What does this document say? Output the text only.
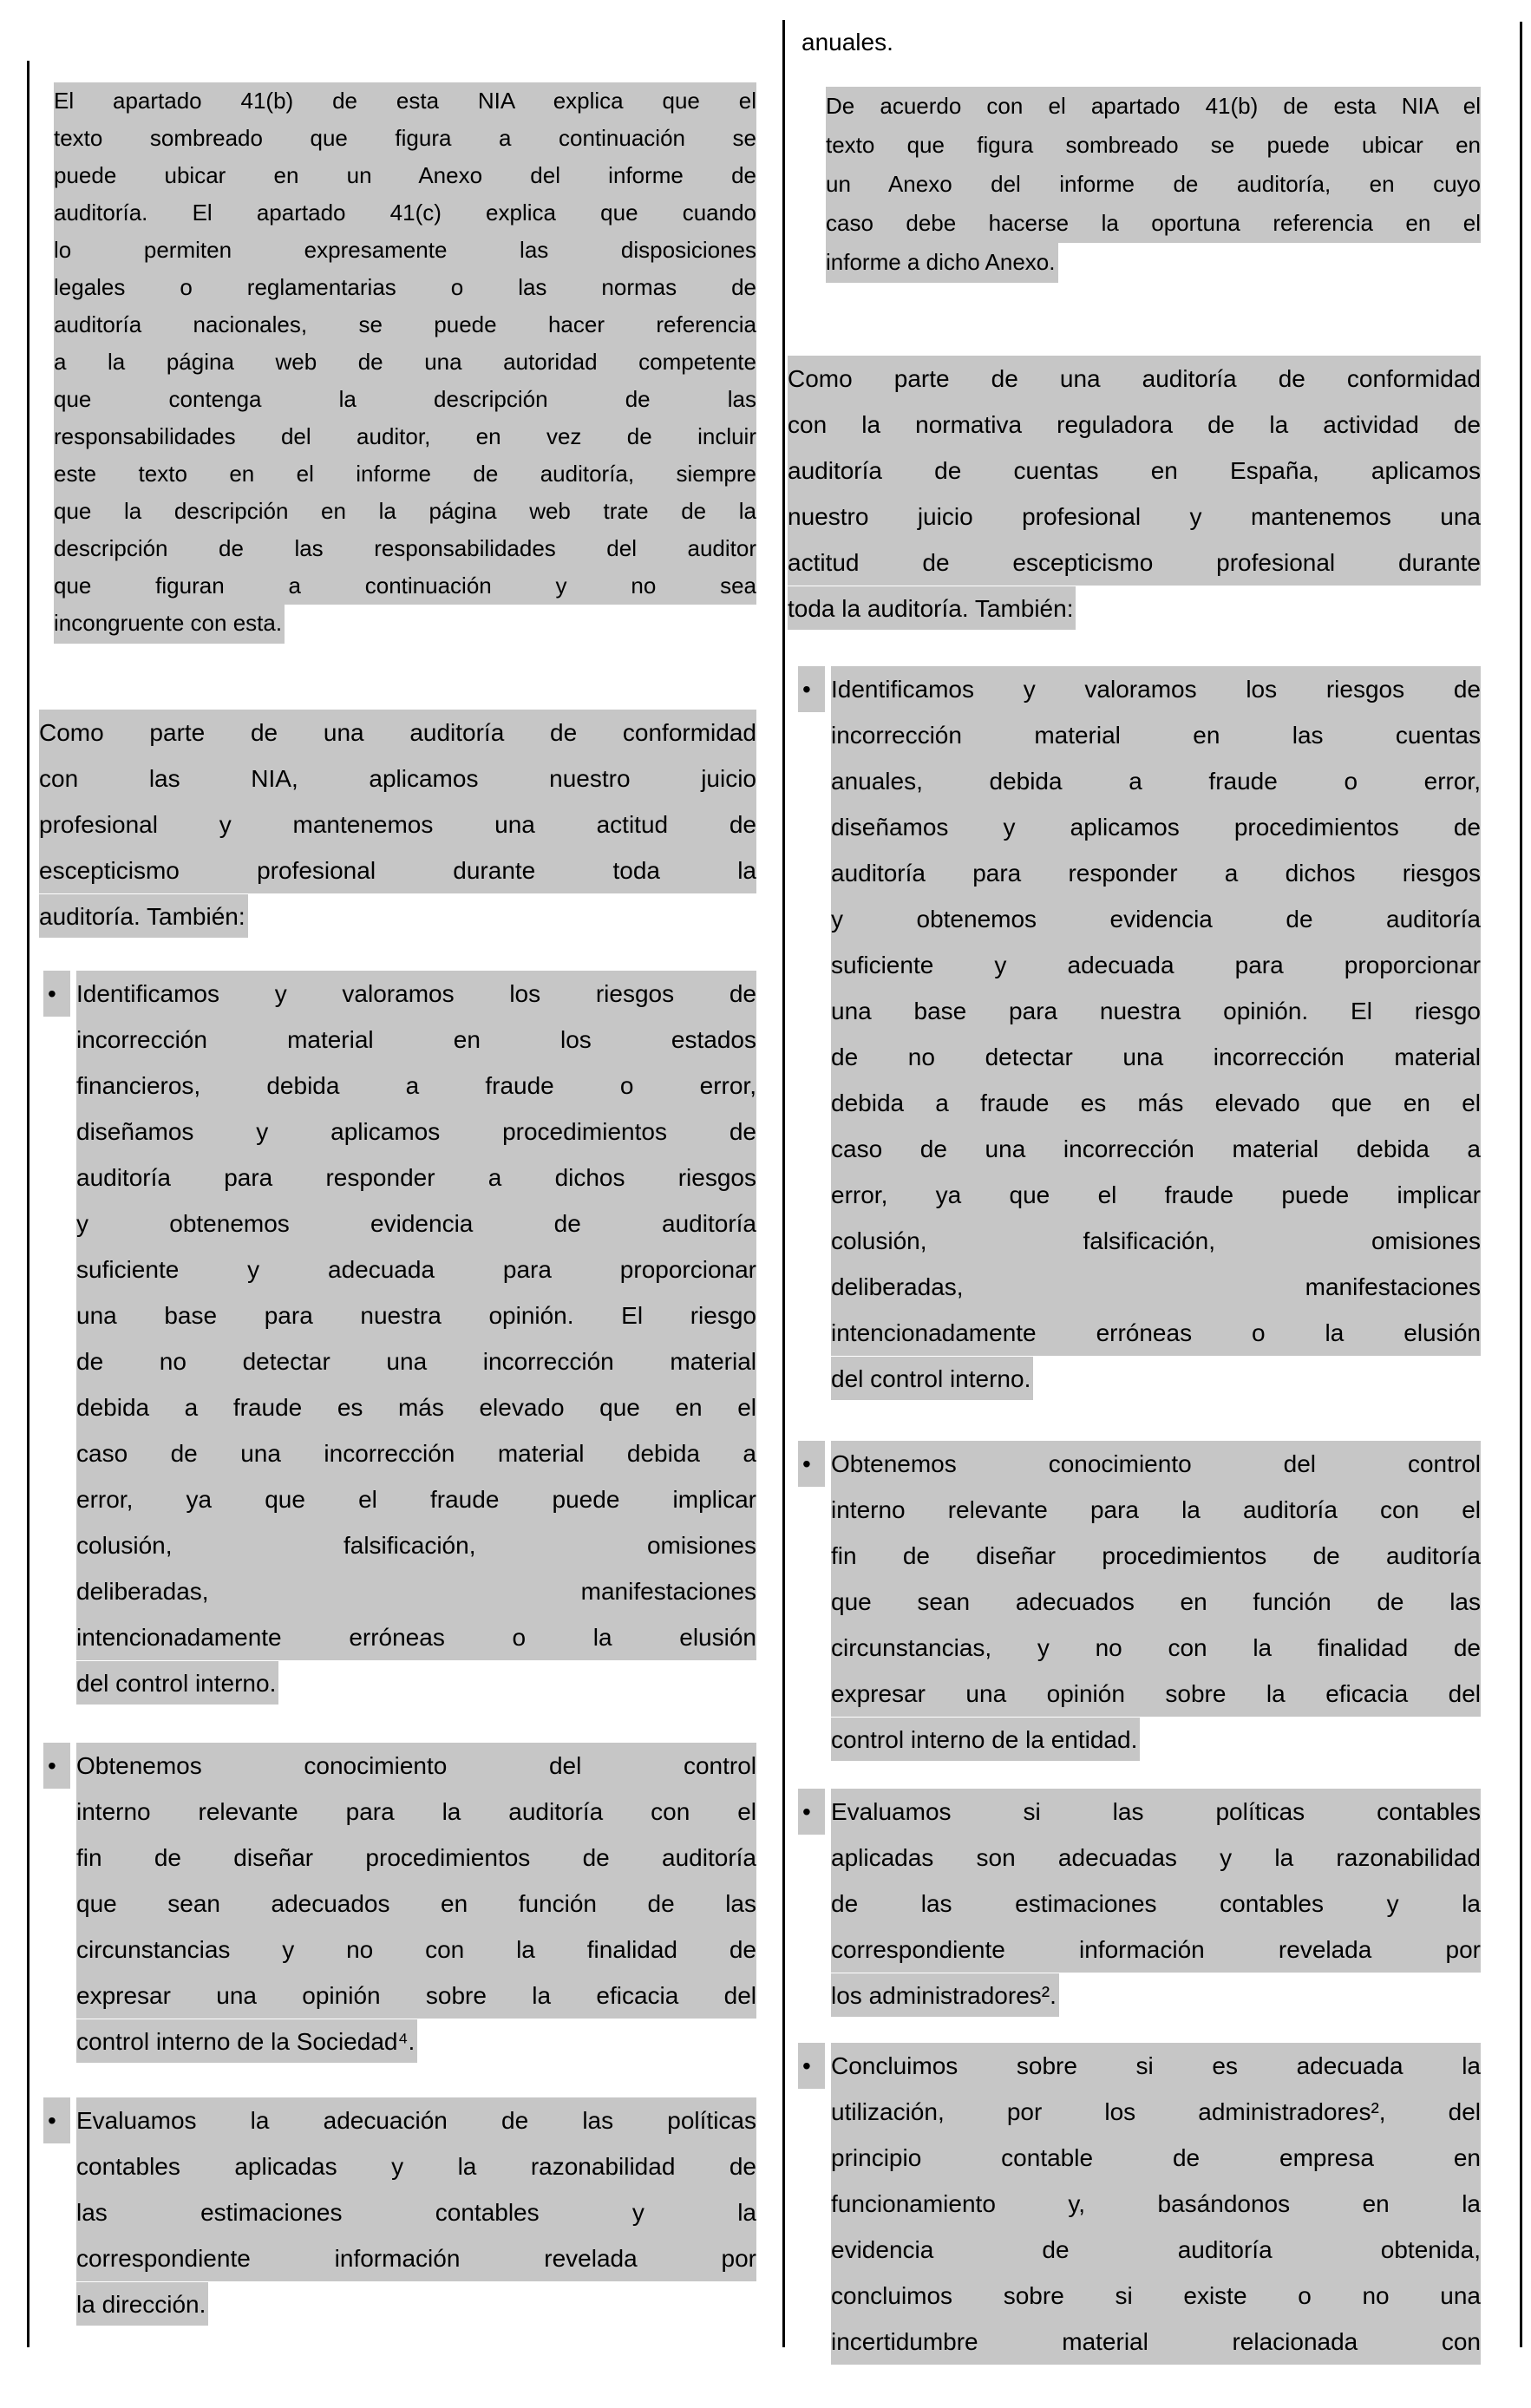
El apartado 41(b) de esta NIA explica que el
texto sombreado que figura a continuación se
puede ubicar en un Anexo del informe de
auditoría. El apartado 41(c) explica que cuando
lo permiten expresamente las disposiciones
legales o reglamentarias o las normas de
auditoría nacionales, se puede hacer referencia
a la página web de una autoridad competente
que contenga la descripción de las
responsabilidades del auditor, en vez de incluir
este texto en el informe de auditoría, siempre
que la descripción en la página web trate de la
descripción de las responsabilidades del auditor
que figuran a continuación y no sea
incongruente con esta.
Como parte de una auditoría de conformidad
con las NIA, aplicamos nuestro juicio
profesional y mantenemos una actitud de
escepticismo profesional durante toda la
auditoría. También:
• Identificamos y valoramos los riesgos de
incorrección material en los estados
financieros, debida a fraude o error,
diseñamos y aplicamos procedimientos de
auditoría para responder a dichos riesgos
y obtenemos evidencia de auditoría
suficiente y adecuada para proporcionar
una base para nuestra opinión. El riesgo
de no detectar una incorrección material
debida a fraude es más elevado que en el
caso de una incorrección material debida a
error, ya que el fraude puede implicar
colusión, falsificación, omisiones
deliberadas, manifestaciones
intencionadamente erróneas o la elusión
del control interno.
• Obtenemos conocimiento del control
interno relevante para la auditoría con el
fin de diseñar procedimientos de auditoría
que sean adecuados en función de las
circunstancias y no con la finalidad de
expresar una opinión sobre la eficacia del
control interno de la Sociedad⁴.
• Evaluamos la adecuación de las políticas
contables aplicadas y la razonabilidad de
las estimaciones contables y la
correspondiente información revelada por
la dirección.
anuales.
De acuerdo con el apartado 41(b) de esta NIA el
texto que figura sombreado se puede ubicar en
un Anexo del informe de auditoría, en cuyo
caso debe hacerse la oportuna referencia en el
informe a dicho Anexo.
Como parte de una auditoría de conformidad
con la normativa reguladora de la actividad de
auditoría de cuentas en España, aplicamos
nuestro juicio profesional y mantenemos una
actitud de escepticismo profesional durante
toda la auditoría. También:
• Identificamos y valoramos los riesgos de
incorrección material en las cuentas
anuales, debida a fraude o error,
diseñamos y aplicamos procedimientos de
auditoría para responder a dichos riesgos
y obtenemos evidencia de auditoría
suficiente y adecuada para proporcionar
una base para nuestra opinión. El riesgo
de no detectar una incorrección material
debida a fraude es más elevado que en el
caso de una incorrección material debida a
error, ya que el fraude puede implicar
colusión, falsificación, omisiones
deliberadas, manifestaciones
intencionadamente erróneas o la elusión
del control interno.
• Obtenemos conocimiento del control
interno relevante para la auditoría con el
fin de diseñar procedimientos de auditoría
que sean adecuados en función de las
circunstancias, y no con la finalidad de
expresar una opinión sobre la eficacia del
control interno de la entidad.
• Evaluamos si las políticas contables
aplicadas son adecuadas y la razonabilidad
de las estimaciones contables y la
correspondiente información revelada por
los administradores².
• Concluimos sobre si es adecuada la
utilización, por los administradores², del
principio contable de empresa en
funcionamiento y, basándonos en la
evidencia de auditoría obtenida,
concluimos sobre si existe o no una
incertidumbre material relacionada con
